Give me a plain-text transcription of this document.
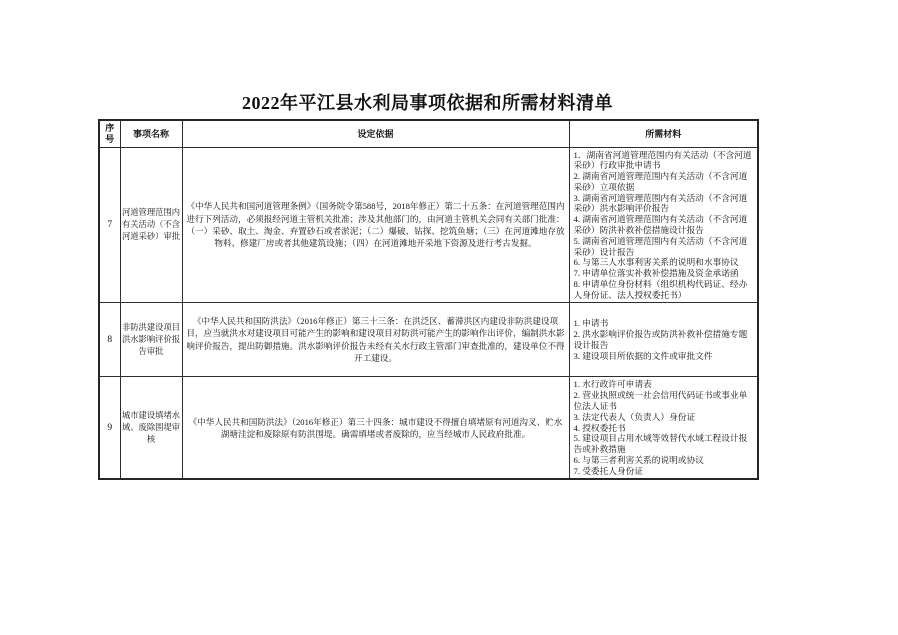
2022年平江县水利局事项依据和所需材料清单
序号	事项名称	设定依据	所需材料
7	河道管理范围内有关活动（不含河道采砂）审批	《中华人民共和国河道管理条例》（国务院令第588号，2018年修正）第二十五条：在河道管理范围内进行下列活动，必须报经河道主管机关批准；涉及其他部门的，由河道主管机关会同有关部门批准：（一）采砂、取土、淘金、弃置砂石或者淤泥；（二）爆破、钻探、挖筑鱼塘；（三）在河道滩地存放物料、修建厂房或者其他建筑设施；（四）在河道滩地开采地下资源及进行考古发掘。	
1．湖南省河道管理范围内有关活动（不含河道采砂）行政审批申请书
2. 湖南省河道管理范围内有关活动（不含河道采砂）立项依据
3. 湖南省河道管理范围内有关活动（不含河道采砂）洪水影响评价报告
4. 湖南省河道管理范围内有关活动（不含河道采砂）防洪补救补偿措施设计报告
5. 湖南省河道管理范围内有关活动（不含河道采砂）设计报告
6. 与第三人水事利害关系的说明和水事协议
7. 申请单位落实补救补偿措施及资金承诺函
8. 申请单位身份材料（组织机构代码证、经办人身份证、法人授权委托书）

8	非防洪建设项目洪水影响评价报告审批	《中华人民共和国防洪法》（2016年修正）第三十三条：在洪泛区、蓄滞洪区内建设非防洪建设项目，应当就洪水对建设项目可能产生的影响和建设项目对防洪可能产生的影响作出评价，编制洪水影响评价报告，提出防御措施。洪水影响评价报告未经有关水行政主管部门审查批准的，建设单位不得开工建设。	1. 申请书
2. 洪水影响评价报告或防洪补救补偿措施专题设计报告
3. 建设项目所依据的文件或审批文件

9	城市建设填堵水域、废除围堤审核	《中华人民共和国防洪法》（2016年修正）第三十四条：城市建设不得擅自填堵原有河道沟叉、贮水湖塘洼淀和废除原有防洪围堤。确需填堵或者废除的，应当经城市人民政府批准。	
1. 水行政许可申请表
2. 营业执照或统一社会信用代码证书或事业单位法人证书
3. 法定代表人（负责人）身份证
4. 授权委托书
5. 建设项目占用水域等效替代水域工程设计报告或补救措施
6. 与第三者利害关系的说明或协议
7. 受委托人身份证
